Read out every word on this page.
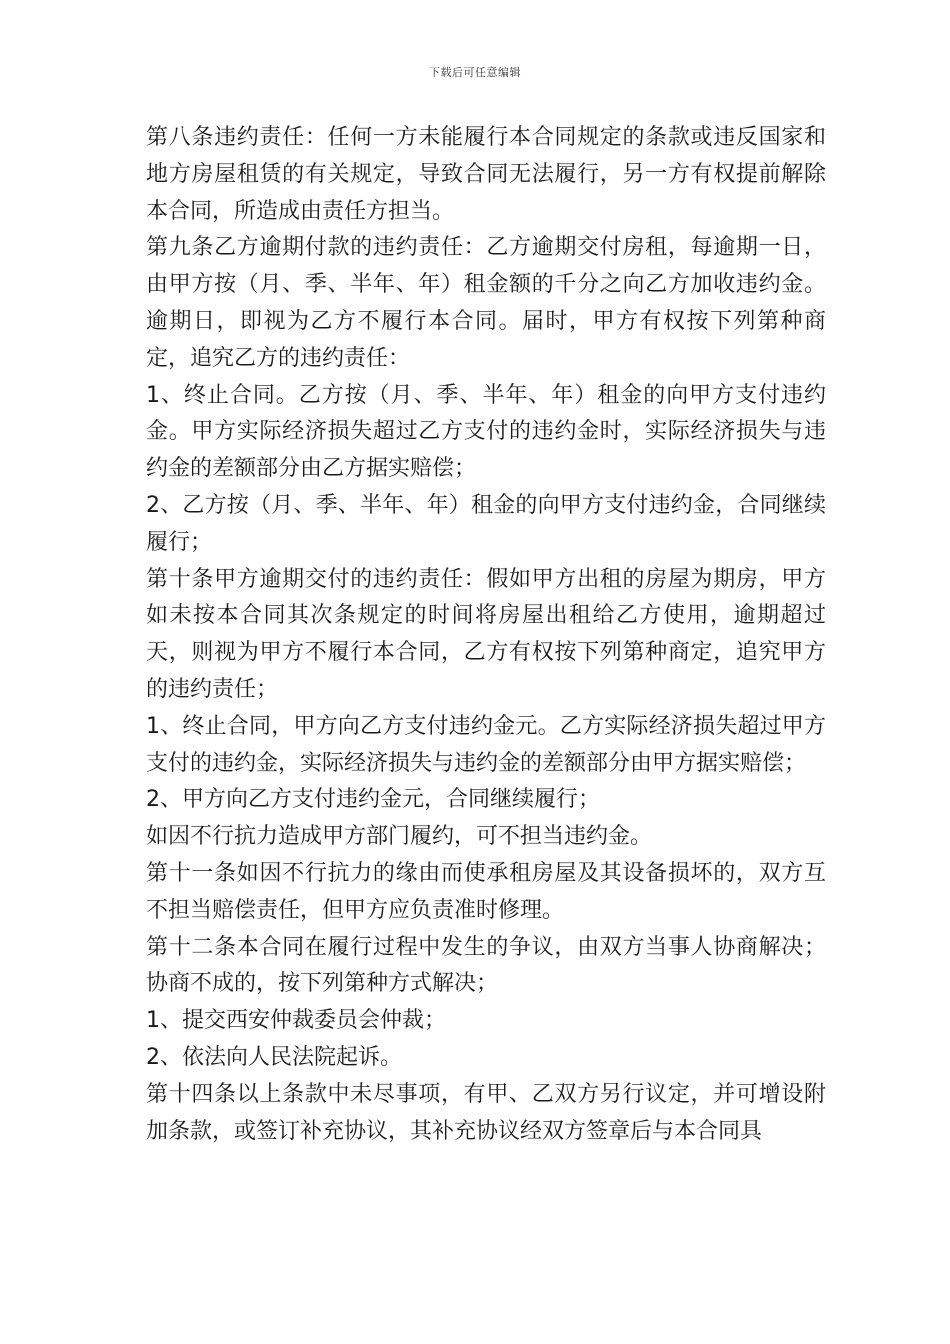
下载后可任意编辑

第八条违约责任：任何一方未能履行本合同规定的条款或违反国家和地方房屋租赁的有关规定，导致合同无法履行，另一方有权提前解除本合同，所造成由责任方担当。

第九条乙方逾期付款的违约责任：乙方逾期交付房租，每逾期一日，由甲方按（月、季、半年、年）租金额的千分之向乙方加收违约金。逾期日，即视为乙方不履行本合同。届时，甲方有权按下列第种商定，追究乙方的违约责任：

1、终止合同。乙方按（月、季、半年、年）租金的向甲方支付违约金。甲方实际经济损失超过乙方支付的违约金时，实际经济损失与违约金的差额部分由乙方据实赔偿；

2、乙方按（月、季、半年、年）租金的向甲方支付违约金，合同继续履行；

第十条甲方逾期交付的违约责任：假如甲方出租的房屋为期房，甲方如未按本合同其次条规定的时间将房屋出租给乙方使用，逾期超过天，则视为甲方不履行本合同，乙方有权按下列第种商定，追究甲方的违约责任；

1、终止合同，甲方向乙方支付违约金元。乙方实际经济损失超过甲方支付的违约金，实际经济损失与违约金的差额部分由甲方据实赔偿；

2、甲方向乙方支付违约金元，合同继续履行；

如因不行抗力造成甲方部门履约，可不担当违约金。

第十一条如因不行抗力的缘由而使承租房屋及其设备损坏的，双方互不担当赔偿责任，但甲方应负责准时修理。

第十二条本合同在履行过程中发生的争议，由双方当事人协商解决；协商不成的，按下列第种方式解决；

1、提交西安仲裁委员会仲裁；

2、依法向人民法院起诉。

第十四条以上条款中未尽事项，有甲、乙双方另行议定，并可增设附加条款，或签订补充协议，其补充协议经双方签章后与本合同具
